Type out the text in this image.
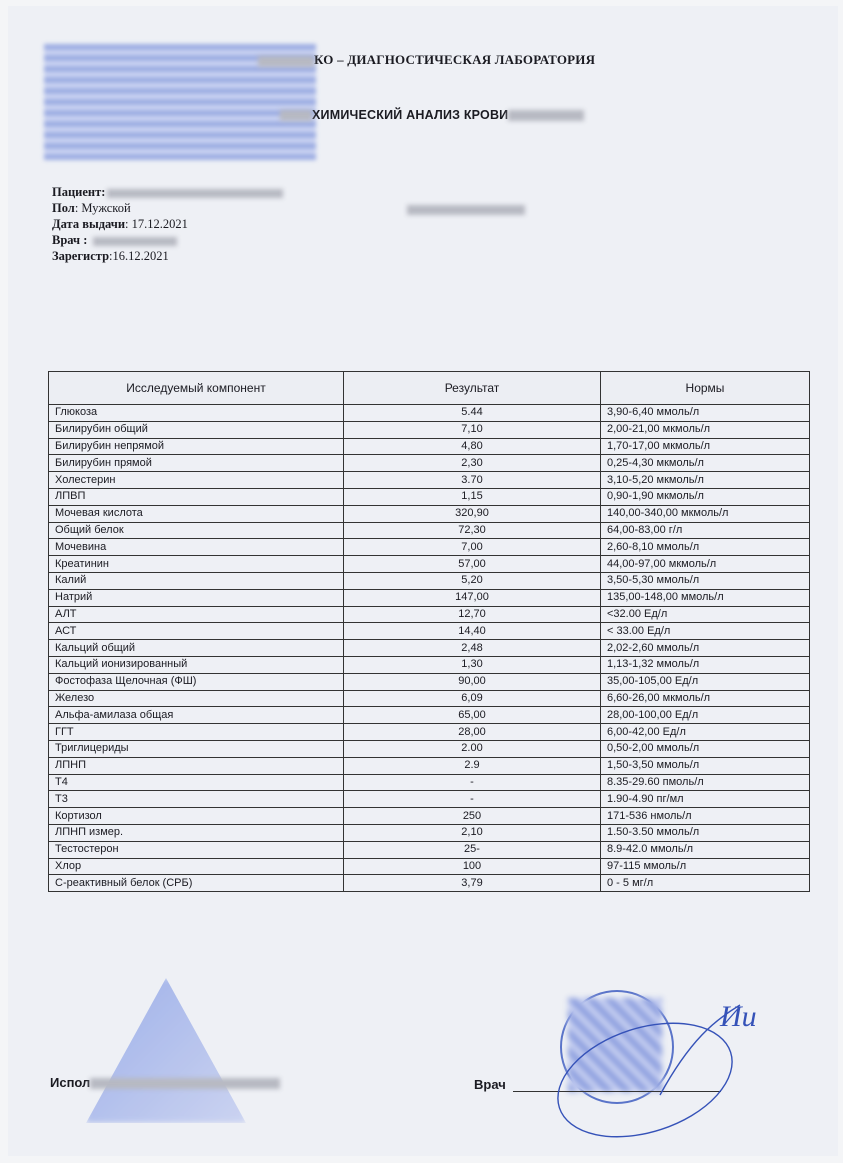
КО – ДИАГНОСТИЧЕСКАЯ ЛАБОРАТОРИЯ
ХИМИЧЕСКИЙ АНАЛИЗ КРОВИ
Пациент:
Пол: Мужской
Дата выдачи: 17.12.2021
Врач :
Зарегистр:16.12.2021
Исследуемый компонент	Результат	Нормы
Глюкоза	5.44	3,90-6,40 ммоль/л
Билирубин общий	7,10	2,00-21,00 мкмоль/л
Билирубин непрямой	4,80	1,70-17,00 мкмоль/л
Билирубин прямой	2,30	0,25-4,30 мкмоль/л
Холестерин	3.70	3,10-5,20 мкмоль/л
ЛПВП	1,15	0,90-1,90 мкмоль/л
Мочевая кислота	320,90	140,00-340,00 мкмоль/л
Общий белок	72,30	64,00-83,00 г/л
Мочевина	7,00	2,60-8,10 ммоль/л
Креатинин	57,00	44,00-97,00 мкмоль/л
Калий	5,20	3,50-5,30 ммоль/л
Натрий	147,00	135,00-148,00 ммоль/л
АЛТ	12,70	<32.00 Ед/л
АСТ	14,40	< 33.00 Ед/л
Кальций общий	2,48	2,02-2,60 ммоль/л
Кальций ионизированный	1,30	1,13-1,32 ммоль/л
Фостофаза Щелочная (ФШ)	90,00	35,00-105,00 Ед/л
Железо	6,09	6,60-26,00 мкмоль/л
Альфа-амилаза общая	65,00	28,00-100,00 Ед/л
ГГТ	28,00	6,00-42,00 Ед/л
Триглицериды	2.00	0,50-2,00 ммоль/л
ЛПНП	2.9	1,50-3,50 ммоль/л
Т4	-	8.35-29.60 пмоль/л
Т3	-	1.90-4.90 пг/мл
Кортизол	250	171-536 нмоль/л
ЛПНП измер.	2,10	1.50-3.50 ммоль/л
Тестостерон	25-	8.9-42.0 ммоль/л
Хлор	100	97-115 ммоль/л
С-реактивный белок (СРБ)	3,79	0 - 5 мг/л
Испол	Врач
Ии
